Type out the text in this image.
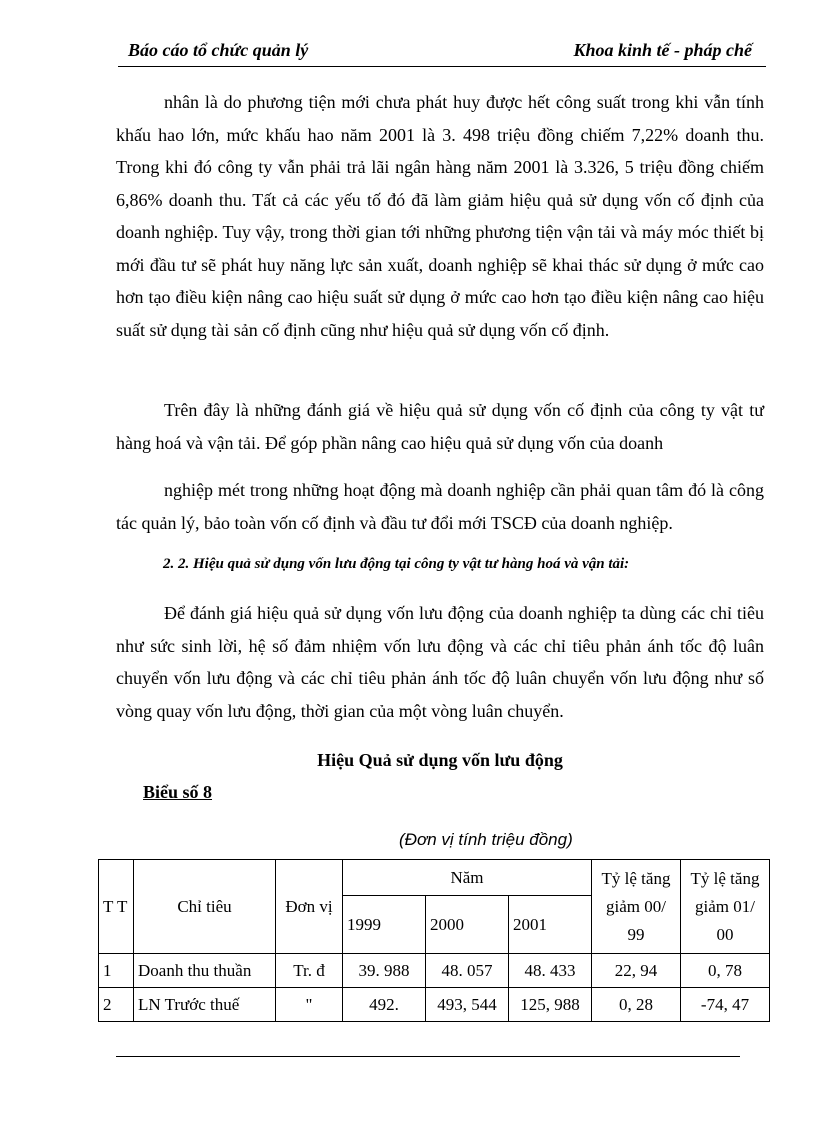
Báo cáo tổ chức quản lý	Khoa kinh tế - pháp chế

nhân là do phương tiện mới chưa phát huy được hết công suất trong khi vẫn tính khấu hao lớn, mức khấu hao năm 2001 là 3. 498 triệu đồng chiếm 7,22% doanh thu. Trong khi đó công ty vẫn phải trả lãi ngân hàng năm 2001 là 3.326, 5 triệu đồng chiếm 6,86% doanh thu. Tất cả các yếu tố đó đã làm giảm hiệu quả sử dụng vốn cố định của doanh nghiệp. Tuy vậy, trong thời gian tới những phương tiện vận tải và máy móc thiết bị mới đầu tư sẽ phát huy năng lực sản xuất, doanh nghiệp sẽ khai thác sử dụng ở mức cao hơn tạo điều kiện nâng cao hiệu suất sử dụng ở mức cao hơn tạo điều kiện nâng cao hiệu suất sử dụng tài sản cố định cũng như hiệu quả sử dụng vốn cố định.

Trên đây là những đánh giá về hiệu quả sử dụng vốn cố định của công ty vật tư hàng hoá và vận tải. Để góp phần nâng cao hiệu quả sử dụng vốn của doanh

nghiệp mét trong những hoạt động mà doanh nghiệp cần phải quan tâm đó là công tác quản lý, bảo toàn vốn cố định và đầu tư đổi mới TSCĐ của doanh nghiệp.

2. 2. Hiệu quả sử dụng vốn lưu động tại công ty vật tư hàng hoá và vận tải:

Để đánh giá hiệu quả sử dụng vốn lưu động của doanh nghiệp ta dùng các chỉ tiêu như sức sinh lời, hệ số đảm nhiệm vốn lưu động và các chỉ tiêu phản ánh tốc độ luân chuyển vốn lưu động và các chỉ tiêu phản ánh tốc độ luân chuyển vốn lưu động như số vòng quay vốn lưu động, thời gian của một vòng luân chuyển.

Hiệu Quả sử dụng vốn lưu động
Biểu số 8
(Đơn vị tính triệu đồng)
T T	Chỉ tiêu	Đơn vị	Năm			Tỷ lệ tăng giảm 00/ 99	Tỷ lệ tăng giảm 01/ 00
			1999	2000	2001		
1	Doanh thu thuần	Tr. đ	39. 988	48. 057	48. 433	22, 94	0, 78
2	LN Trước thuế	"	492.	493, 544	125, 988	0, 28	-74, 47
